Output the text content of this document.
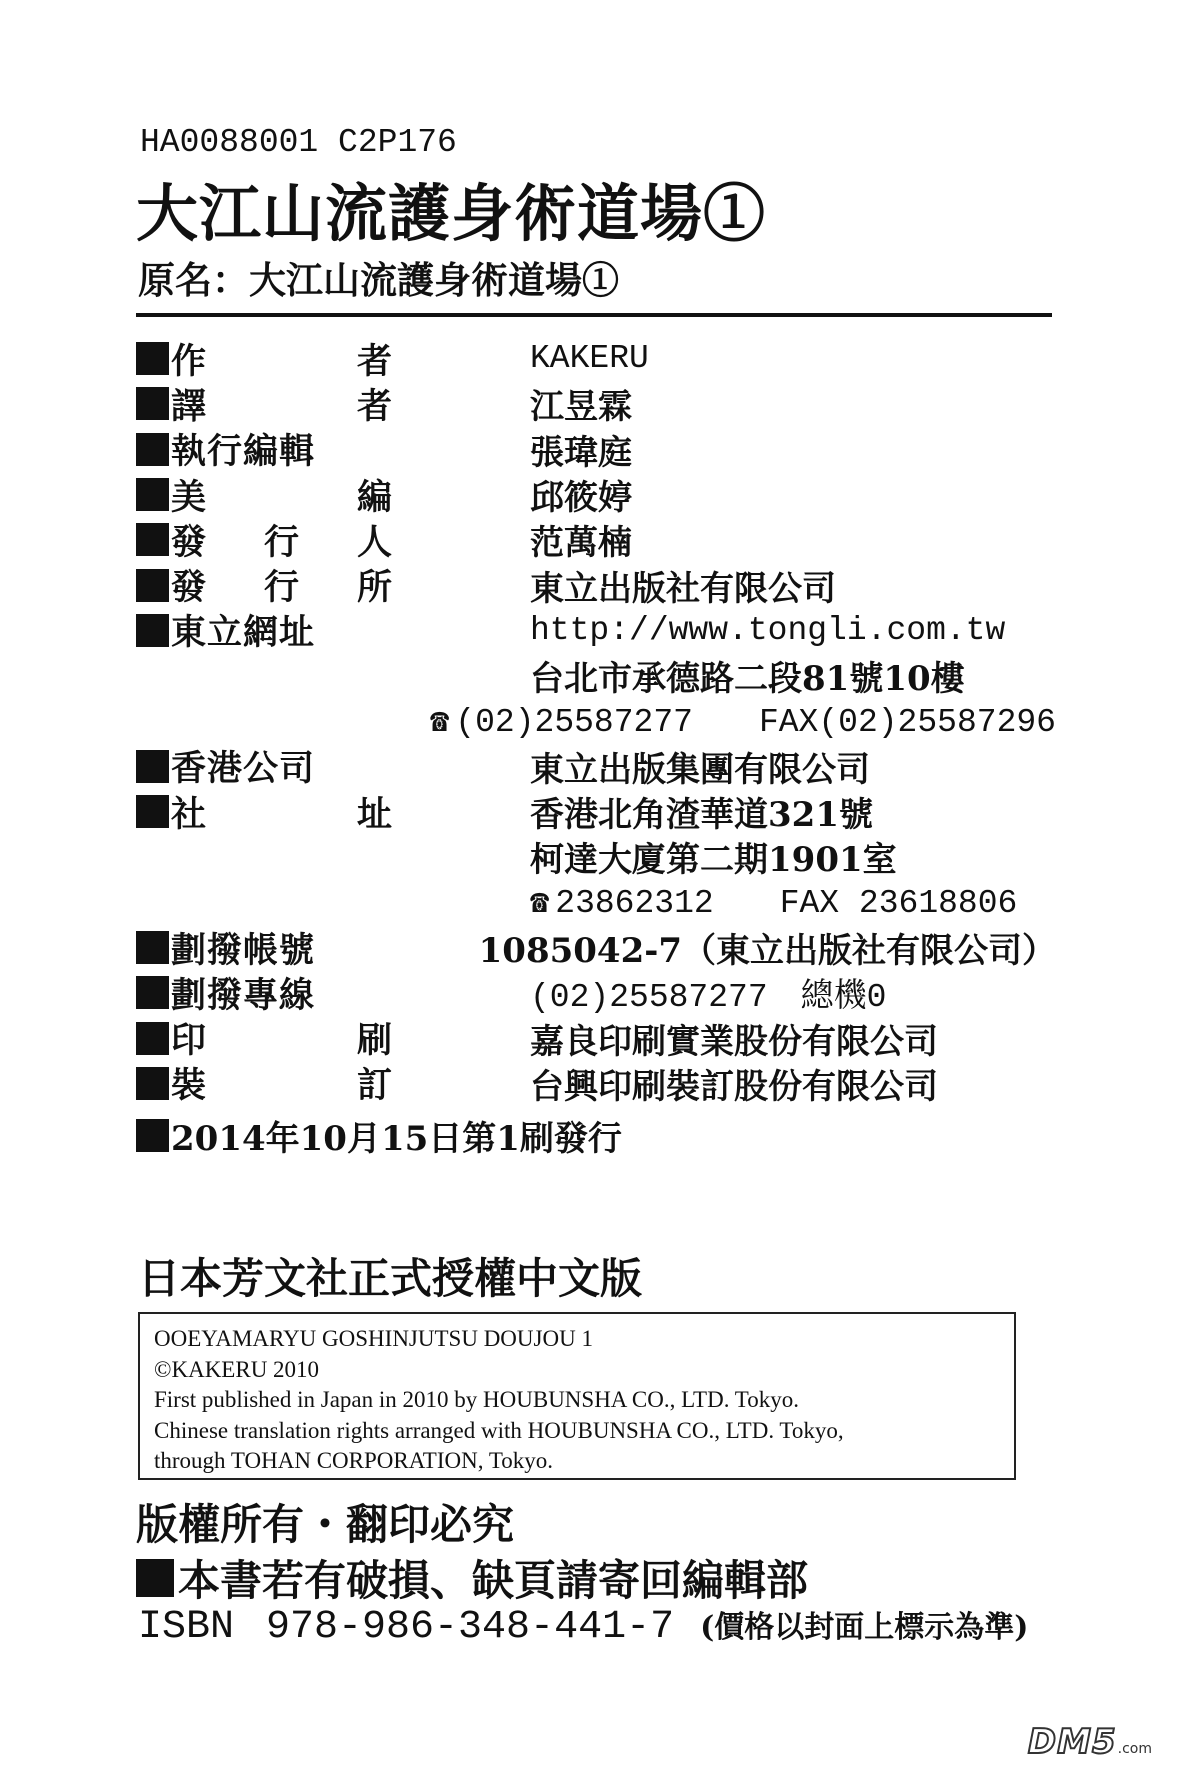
HA0088001 C2P176
大江山流護身術道場①
原名：大江山流護身術道場①
作	者	KAKERU
譯	者	江昱霖
執 行 編 輯	張瑋庭
美	編	邱筱婷
發 行 人	范萬楠
發 行 所	東立出版社有限公司
東 立 網 址	http://www.tongli.com.tw
台北市承德路二段81號10樓
☎ (02)25587277 FAX(02)25587296
香 港 公 司	東立出版集團有限公司
社	址	香港北角渣華道321號
柯達大廈第二期1901室
☎ 23862312 FAX 23618806
劃 撥 帳 號	1085042-7（東立出版社有限公司）
劃 撥 專 線	(02)25587277　總機0
印	刷	嘉良印刷實業股份有限公司
裝	訂	台興印刷裝訂股份有限公司
2014年10月15日第1刷發行
日本芳文社正式授權中文版
OOEYAMARYU GOSHINJUTSU DOUJOU 1
©KAKERU 2010
First published in Japan in 2010 by HOUBUNSHA CO., LTD. Tokyo.
Chinese translation rights arranged with HOUBUNSHA CO., LTD. Tokyo,
through TOHAN CORPORATION, Tokyo.
版權所有・翻印必究
本書若有破損、缺頁請寄回編輯部
ISBN 978-986-348-441-7 (價格以封面上標示為準)
DM5 .com
